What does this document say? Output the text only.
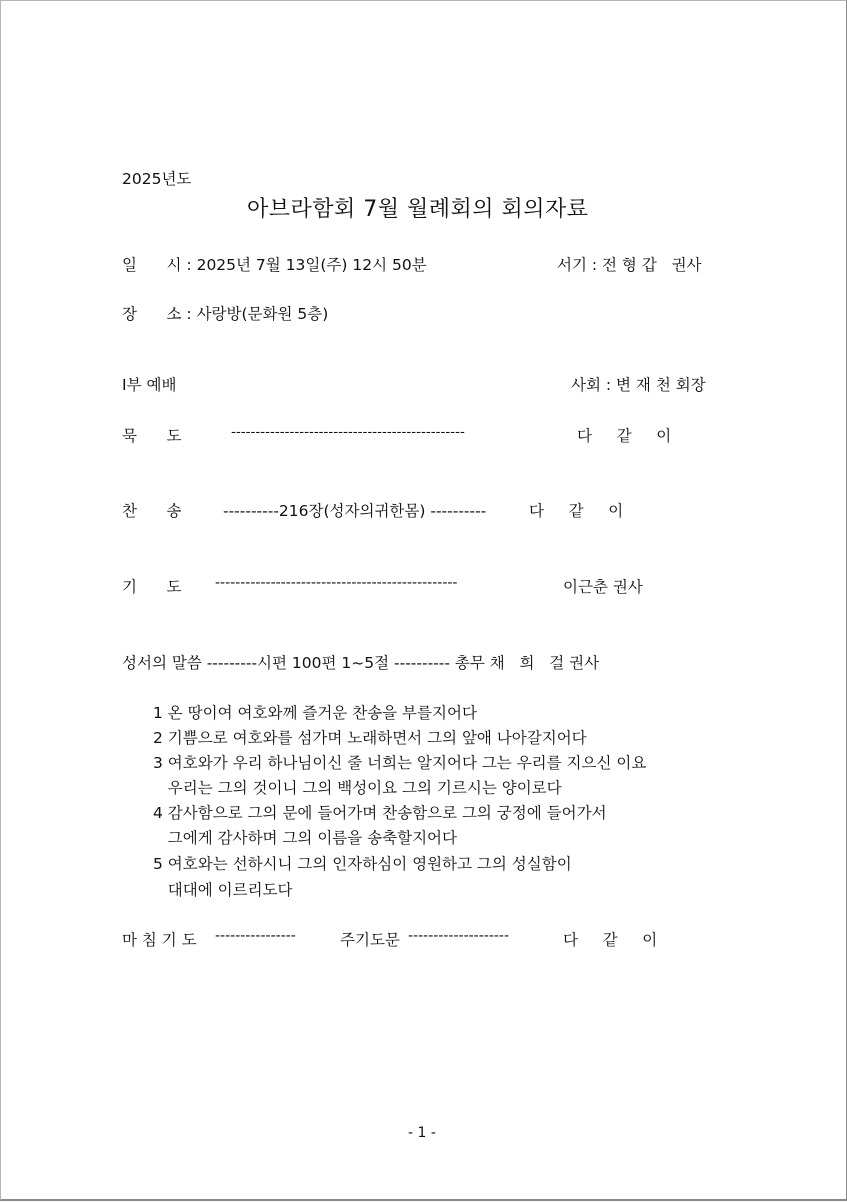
2025년도
아브라함회 7월 월례회의 회의자료
일      시 : 2025년 7월 13일(주) 12시 50분	서기 : 전 형 갑   권사
장      소 : 사랑방(문화원 5층)
I부 예배	사회 : 변 재 천 회장
묵      도	------------------------------------------------	다     같     이
찬      송	----------216장(성자의귀한몸) ----------	다     같     이
기      도 ------------------------------------------------	이근춘 권사
성서의 말씀 ---------시편 100편 1~5절 ---------- 총무 채   희   걸 권사
1 온 땅이여 여호와께 즐거운 찬송을 부를지어다
2 기쁨으로 여호와를 섬가며 노래하면서 그의 앞애 나아갈지어다
3 여호와가 우리 하나님이신 줄 너희는 알지어다 그는 우리를 지으신 이요
우리는 그의 것이니 그의 백성이요 그의 기르시는 양이로다
4 감사함으로 그의 문에 들어가며 찬송함으로 그의 궁정에 들어가서
그에게 감사하며 그의 이름을 송축할지어다
5 여호와는 선하시니 그의 인자하심이 영원하고 그의 성실함이
대대에 이르리도다
마 침 기 도 ----------------	주기도문 --------------------	다     같     이
- 1 -
